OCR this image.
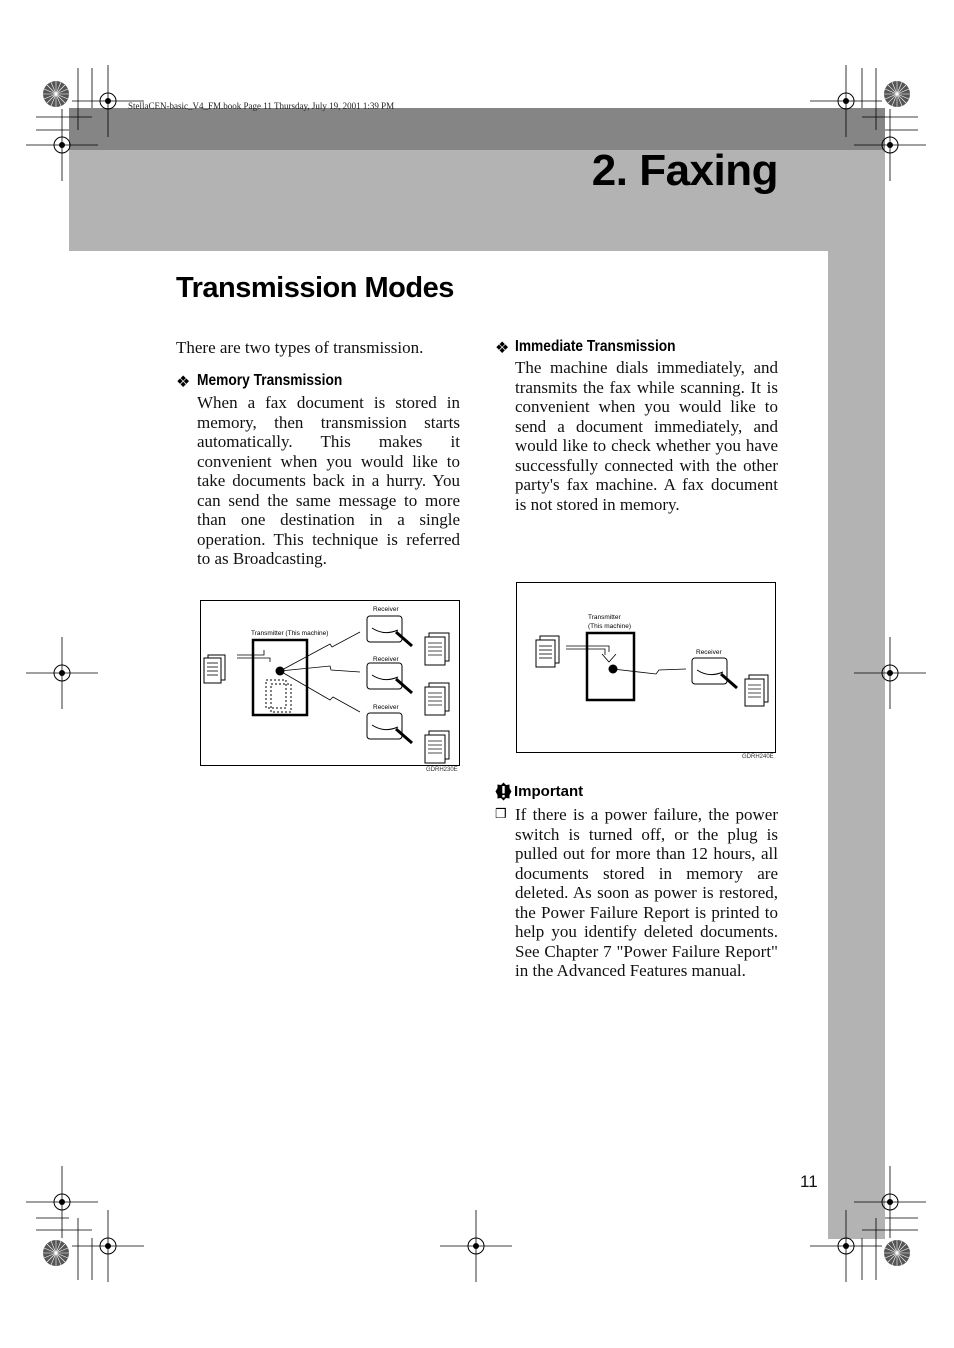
StellaCEN-basic_V4_FM.book Page 11 Thursday, July 19, 2001 1:39 PM
2. Faxing
Transmission Modes
There are two types of transmission.
❖ Memory Transmission
When a fax document is stored in memory, then transmission starts automatically. This makes it convenient when you would like to take documents back in a hurry. You can send the same message to more than one destination in a single operation. This technique is referred to as Broadcasting.
❖ Immediate Transmission
The machine dials immediately, and transmits the fax while scanning. It is convenient when you would like to send a document immediately, and would like to check whether you have successfully connected with the other party's fax machine. A fax document is not stored in memory.
Transmitter (This machine)
Receiver
Receiver
Receiver
GDRH230E
Transmitter
(This machine)
Receiver
GDRH240E
Important
❒ If there is a power failure, the power switch is turned off, or the plug is pulled out for more than 12 hours, all documents stored in memory are deleted. As soon as power is restored, the Power Failure Report is printed to help you identify deleted documents. See Chapter 7 "Power Failure Report" in the Advanced Features manual.
11
